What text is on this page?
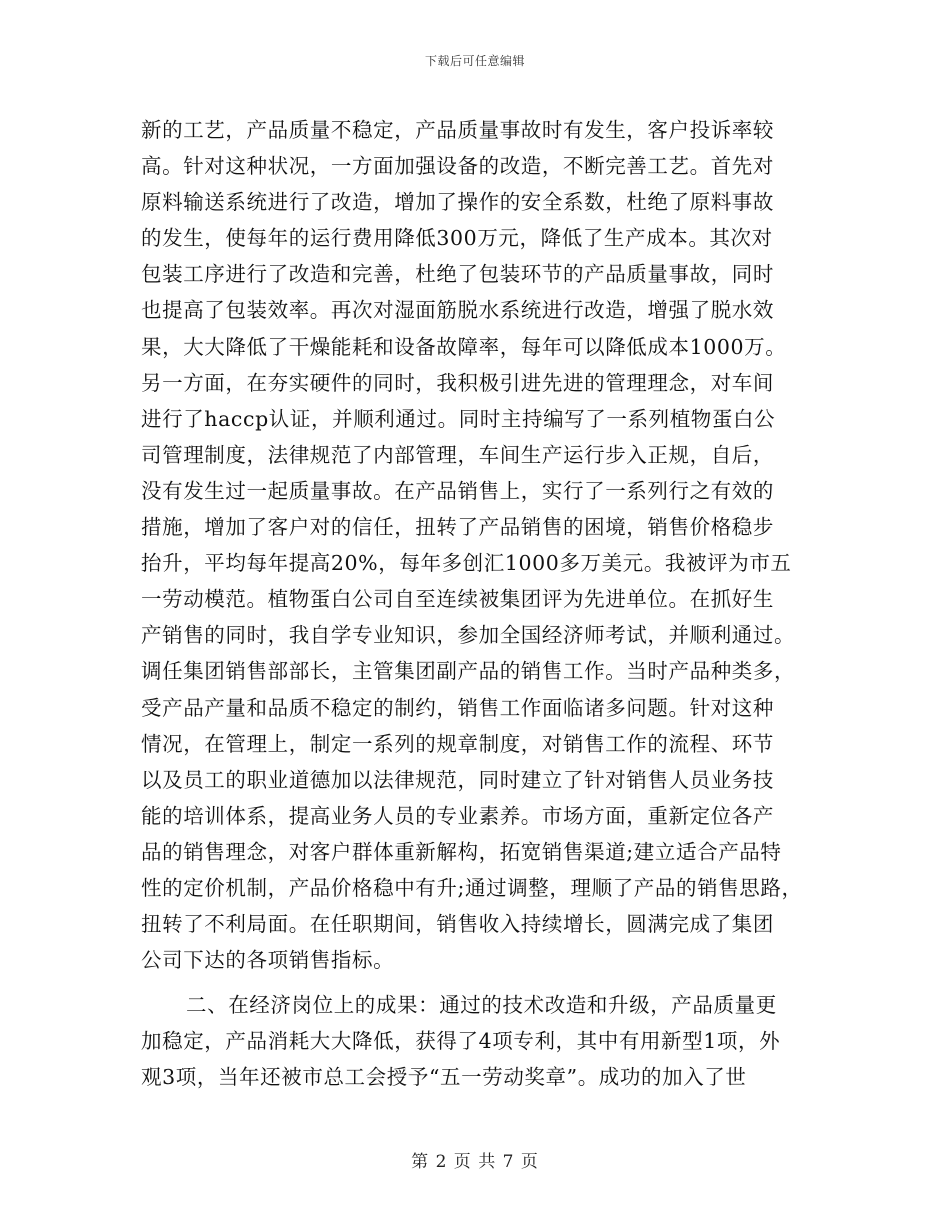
下载后可任意编辑
新的工艺，产品质量不稳定，产品质量事故时有发生，客户投诉率较
高。针对这种状况，一方面加强设备的改造，不断完善工艺。首先对
原料输送系统进行了改造，增加了操作的安全系数，杜绝了原料事故
的发生，使每年的运行费用降低300万元，降低了生产成本。其次对
包装工序进行了改造和完善，杜绝了包装环节的产品质量事故，同时
也提高了包装效率。再次对湿面筋脱水系统进行改造，增强了脱水效
果，大大降低了干燥能耗和设备故障率，每年可以降低成本1000万。
另一方面，在夯实硬件的同时，我积极引进先进的管理理念，对车间
进行了haccp认证，并顺利通过。同时主持编写了一系列植物蛋白公
司管理制度，法律规范了内部管理，车间生产运行步入正规，自后，
没有发生过一起质量事故。在产品销售上，实行了一系列行之有效的
措施，增加了客户对的信任，扭转了产品销售的困境，销售价格稳步
抬升，平均每年提高20%，每年多创汇1000多万美元。我被评为市五
一劳动模范。植物蛋白公司自至连续被集团评为先进单位。在抓好生
产销售的同时，我自学专业知识，参加全国经济师考试，并顺利通过。
调任集团销售部部长，主管集团副产品的销售工作。当时产品种类多，
受产品产量和品质不稳定的制约，销售工作面临诸多问题。针对这种
情况，在管理上，制定一系列的规章制度，对销售工作的流程、环节
以及员工的职业道德加以法律规范，同时建立了针对销售人员业务技
能的培训体系，提高业务人员的专业素养。市场方面，重新定位各产
品的销售理念，对客户群体重新解构，拓宽销售渠道;建立适合产品特
性的定价机制，产品价格稳中有升;通过调整，理顺了产品的销售思路，
扭转了不利局面。在任职期间，销售收入持续增长，圆满完成了集团
公司下达的各项销售指标。
二、在经济岗位上的成果：通过的技术改造和升级，产品质量更
加稳定，产品消耗大大降低，获得了4项专利，其中有用新型1项，外
观3项，当年还被市总工会授予“五一劳动奖章”。成功的加入了世
第 2 页 共 7 页
